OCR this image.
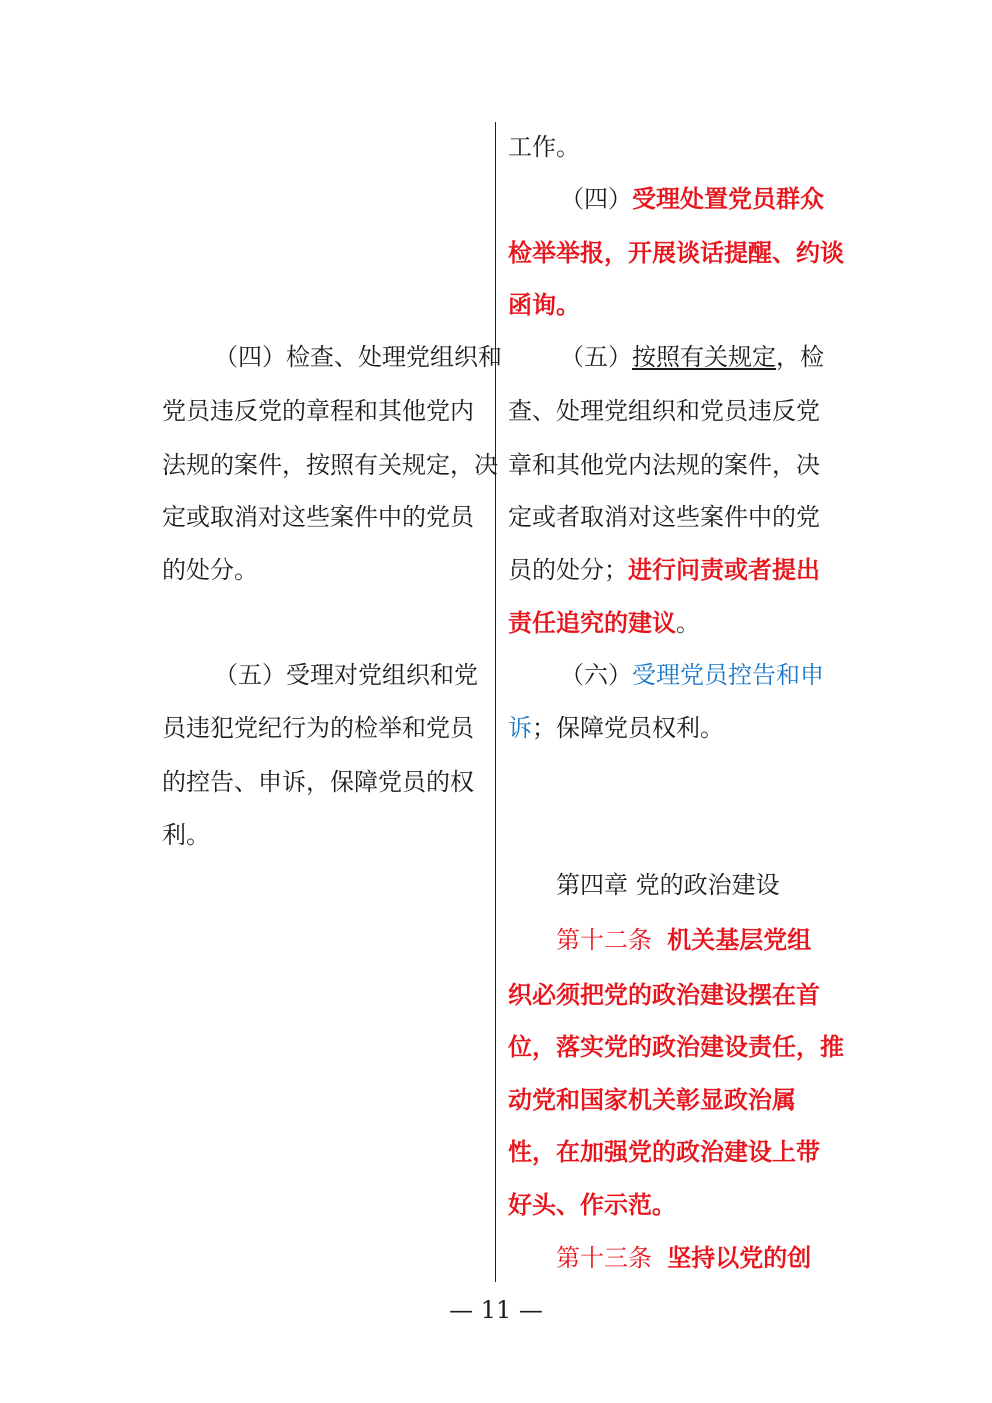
（四）检查、处理党组织和
党员违反党的章程和其他党内
法规的案件，按照有关规定，决
定或取消对这些案件中的党员
的处分。
（五）受理对党组织和党
员违犯党纪行为的检举和党员
的控告、申诉，保障党员的权
利。
工作。
（四）受理处置党员群众
检举举报，开展谈话提醒、约谈
函询。
（五）按照有关规定，检
查、处理党组织和党员违反党
章和其他党内法规的案件，决
定或者取消对这些案件中的党
员的处分；进行问责或者提出
责任追究的建议。
（六）受理党员控告和申
诉；保障党员权利。
第四章 党的政治建设
第十二条 机关基层党组
织必须把党的政治建设摆在首
位，落实党的政治建设责任，推
动党和国家机关彰显政治属
性，在加强党的政治建设上带
好头、作示范。
第十三条 坚持以党的创
— 11 —
